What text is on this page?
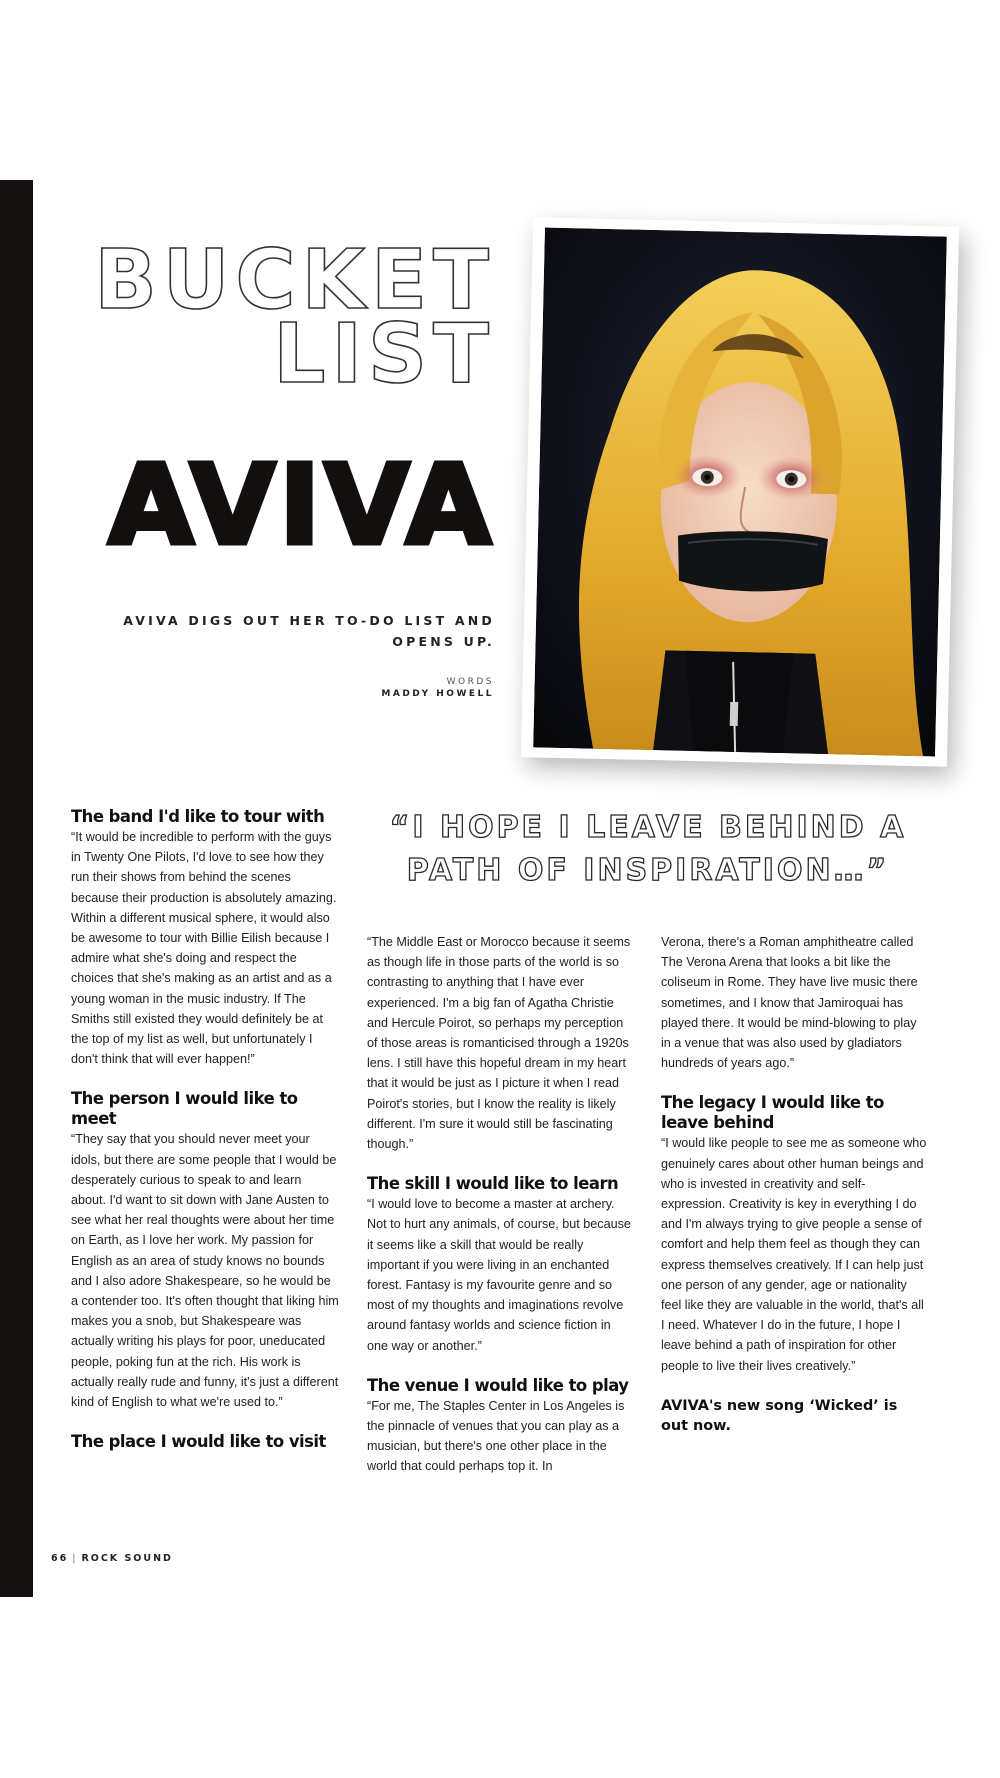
BUCKET
LIST
AVIVA
AVIVA DIGS OUT HER TO-DO LIST AND OPENS UP.
WORDS
MADDY HOWELL
“I HOPE I LEAVE BEHIND A PATH OF INSPIRATION…”
The band I'd like to tour with

“It would be incredible to perform with the guys in Twenty One Pilots, I'd love to see how they run their shows from behind the scenes because their production is absolutely amazing. Within a different musical sphere, it would also be awesome to tour with Billie Eilish because I admire what she's doing and respect the choices that she's making as an artist and as a young woman in the music industry. If The Smiths still existed they would definitely be at the top of my list as well, but unfortunately I don't think that will ever happen!”

The person I would like to meet

“They say that you should never meet your idols, but there are some people that I would be desperately curious to speak to and learn about. I'd want to sit down with Jane Austen to see what her real thoughts were about her time on Earth, as I love her work. My passion for English as an area of study knows no bounds and I also adore Shakespeare, so he would be a contender too. It's often thought that liking him makes you a snob, but Shakespeare was actually writing his plays for poor, uneducated people, poking fun at the rich. His work is actually really rude and funny, it's just a different kind of English to what we're used to.”

The place I would like to visit

“The Middle East or Morocco because it seems as though life in those parts of the world is so contrasting to anything that I have ever experienced. I'm a big fan of Agatha Christie and Hercule Poirot, so perhaps my perception of those areas is romanticised through a 1920s lens. I still have this hopeful dream in my heart that it would be just as I picture it when I read Poirot's stories, but I know the reality is likely different. I'm sure it would still be fascinating though.”

The skill I would like to learn

“I would love to become a master at archery. Not to hurt any animals, of course, but because it seems like a skill that would be really important if you were living in an enchanted forest. Fantasy is my favourite genre and so most of my thoughts and imaginations revolve around fantasy worlds and science fiction in one way or another.”

The venue I would like to play

“For me, The Staples Center in Los Angeles is the pinnacle of venues that you can play as a musician, but there's one other place in the world that could perhaps top it. In

Verona, there's a Roman amphitheatre called The Verona Arena that looks a bit like the coliseum in Rome. They have live music there sometimes, and I know that Jamiroquai has played there. It would be mind-blowing to play in a venue that was also used by gladiators hundreds of years ago.”

The legacy I would like to leave behind

“I would like people to see me as someone who genuinely cares about other human beings and who is invested in creativity and self-expression. Creativity is key in everything I do and I'm always trying to give people a sense of comfort and help them feel as though they can express themselves creatively. If I can help just one person of any gender, age or nationality feel like they are valuable in the world, that's all I need. Whatever I do in the future, I hope I leave behind a path of inspiration for other people to live their lives creatively.”

AVIVA's new song ‘Wicked’ is out now.
66 | ROCK SOUND
